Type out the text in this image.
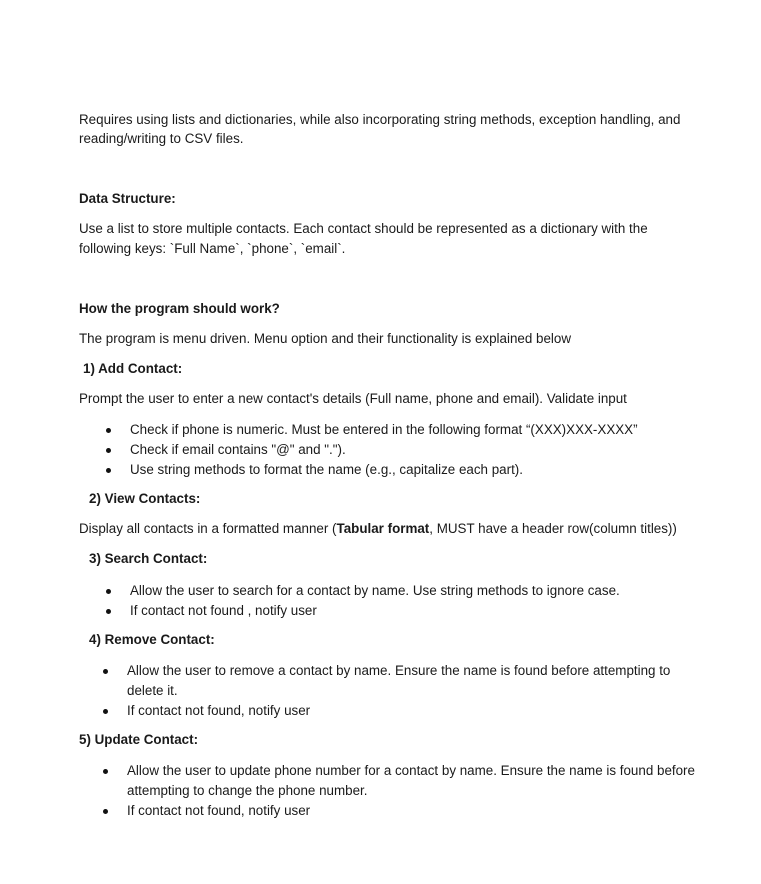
Requires using lists and dictionaries, while also incorporating string methods, exception handling, and
reading/writing to CSV files.
Data Structure:
Use a list to store multiple contacts. Each contact should be represented as a dictionary with the
following keys: `Full Name`, `phone`, `email`.
How the program should work?
The program is menu driven. Menu option and their functionality is explained below
1) Add Contact:
Prompt the user to enter a new contact's details (Full name, phone and email). Validate input
Check if phone is numeric. Must be entered in the following format “(XXX)XXX-XXXX”
Check if email contains "@" and ".").
Use string methods to format the name (e.g., capitalize each part).
2) View Contacts:
Display all contacts in a formatted manner (Tabular format, MUST have a header row(column titles))
3) Search Contact:
Allow the user to search for a contact by name. Use string methods to ignore case.
If contact not found , notify user
4) Remove Contact:
Allow the user to remove a contact by name. Ensure the name is found before attempting to
delete it.
If contact not found, notify user
5) Update Contact:
Allow the user to update phone number for a contact by name. Ensure the name is found before
attempting to change the phone number.
If contact not found, notify user
